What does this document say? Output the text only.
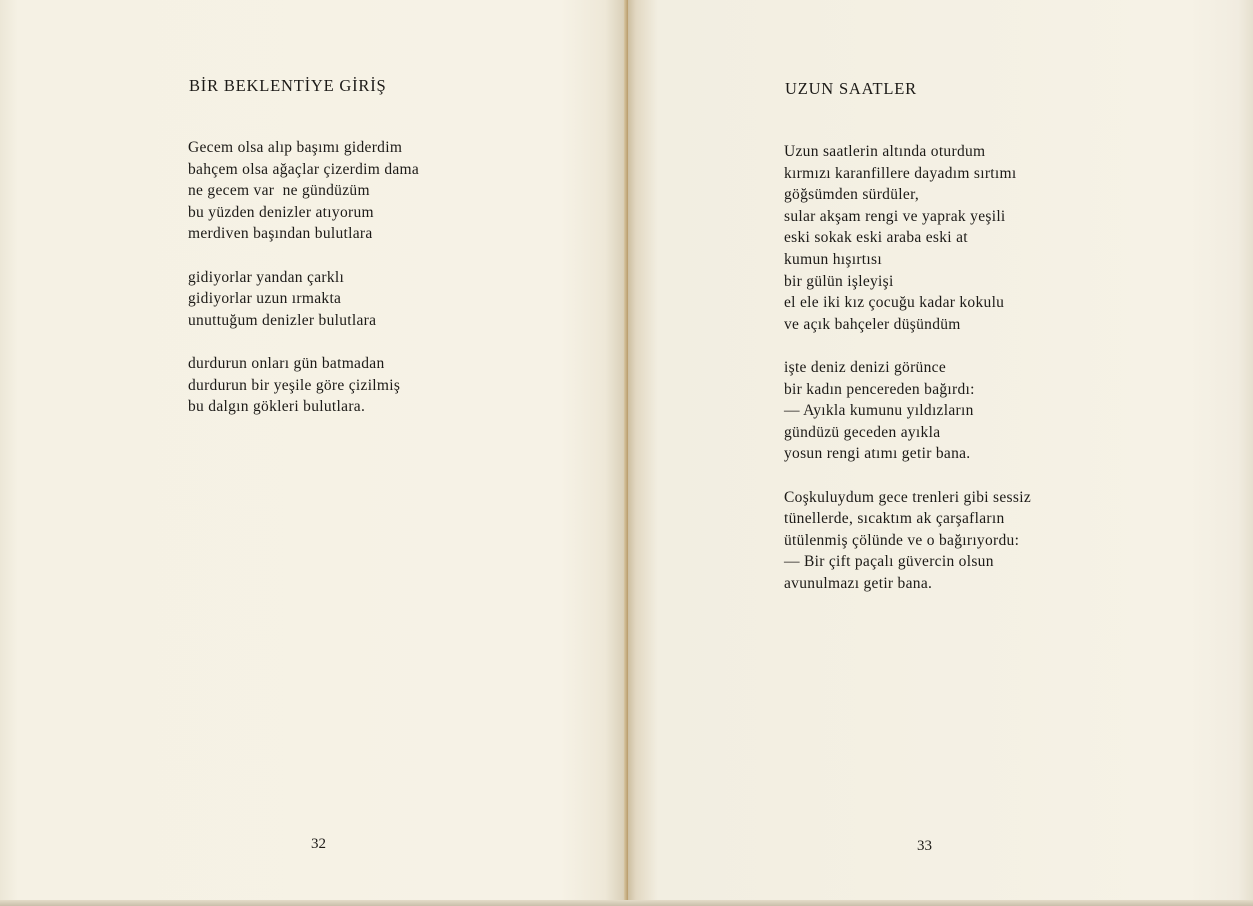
BİR BEKLENTİYE GİRİŞ
Gecem olsa alıp başımı giderdim
bahçem olsa ağaçlar çizerdim dama
ne gecem var  ne gündüzüm
bu yüzden denizler atıyorum
merdiven başından bulutlara
gidiyorlar yandan çarklı
gidiyorlar uzun ırmakta
unuttuğum denizler bulutlara
durdurun onları gün batmadan
durdurun bir yeşile göre çizilmiş
bu dalgın gökleri bulutlara.

32

UZUN SAATLER
Uzun saatlerin altında oturdum
kırmızı karanfillere dayadım sırtımı
göğsümden sürdüler,
sular akşam rengi ve yaprak yeşili
eski sokak eski araba eski at
kumun hışırtısı
bir gülün işleyişi
el ele iki kız çocuğu kadar kokulu
ve açık bahçeler düşündüm
işte deniz denizi görünce
bir kadın pencereden bağırdı:
— Ayıkla kumunu yıldızların
gündüzü geceden ayıkla
yosun rengi atımı getir bana.
Coşkuluydum gece trenleri gibi sessiz
tünellerde, sıcaktım ak çarşafların
ütülenmiş çölünde ve o bağırıyordu:
— Bir çift paçalı güvercin olsun
avunulmazı getir bana.

33
